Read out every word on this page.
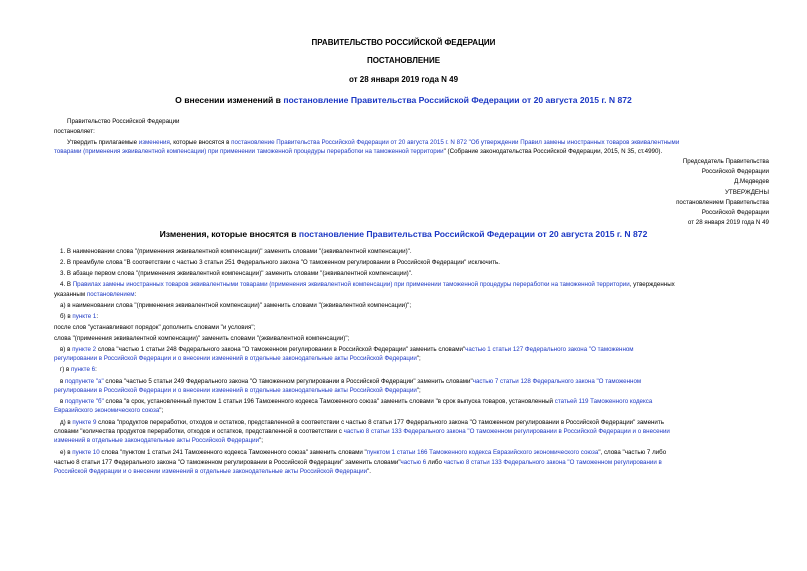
ПРАВИТЕЛЬСТВО РОССИЙСКОЙ ФЕДЕРАЦИИ
ПОСТАНОВЛЕНИЕ
от 28 января 2019 года N 49
О внесении изменений в постановление Правительства Российской Федерации от 20 августа 2015 г. N 872
Правительство Российской Федерации
постановляет:
Утвердить прилагаемые изменения, которые вносятся в постановление Правительства Российской Федерации от 20 августа 2015 г. N 872 "Об утверждении Правил замены иностранных товаров эквивалентными
товарами (применения эквивалентной компенсации) при применении таможенной процедуры переработки на таможенной территории" (Собрание законодательства Российской Федерации, 2015, N 35, ст.4990).
Председатель Правительства
Российской Федерации
Д.Медведев
УТВЕРЖДЕНЫ
постановлением Правительства
Российской Федерации
от 28 января 2019 года N 49
Изменения, которые вносятся в постановление Правительства Российской Федерации от 20 августа 2015 г. N 872
1. В наименовании слова "(применения эквивалентной компенсации)" заменить словами "(эквивалентной компенсации)".
2. В преамбуле слова "В соответствии с частью 3 статьи 251 Федерального закона "О таможенном регулировании в Российской Федерации" исключить.
3. В абзаце первом слова "(применения эквивалентной компенсации)" заменить словами "(эквивалентной компенсации)".
4. В Правилах замены иностранных товаров эквивалентными товарами (применения эквивалентной компенсации) при применении таможенной процедуры переработки на таможенной территории, утвержденных
указанным постановлением:
а) в наименовании слова "(применения эквивалентной компенсации)" заменить словами "(эквивалентной компенсации)";
б) в пункте 1:
после слов "устанавливают порядок" дополнить словами "и условия";
слова "(применения эквивалентной компенсации)" заменить словами "(эквивалентной компенсации)";
в) в пункте 2 слова "частью 1 статьи 248 Федерального закона "О таможенном регулировании в Российской Федерации" заменить словами"частью 1 статьи 127 Федерального закона "О таможенном
регулировании в Российской Федерации и о внесении изменений в отдельные законодательные акты Российской Федерации";
г) в пункте 6:
в подпункте "а" слова "частью 5 статьи 249 Федерального закона "О таможенном регулировании в Российской Федерации" заменить словами"частью 7 статьи 128 Федерального закона "О таможенном
регулировании в Российской Федерации и о внесении изменений в отдельные законодательные акты Российской Федерации";
в подпункте "б" слова "в срок, установленный пунктом 1 статьи 196 Таможенного кодекса Таможенного союза" заменить словами "в срок выпуска товаров, установленный статьей 119 Таможенного кодекса
Евразийского экономического союза";
д) в пункте 9 слова "продуктов переработки, отходов и остатков, представленной в соответствии с частью 8 статьи 177 Федерального закона "О таможенном регулировании в Российской Федерации" заменить
словами "количества продуктов переработки, отходов и остатков, представленной в соответствии с частью 8 статьи 133 Федерального закона "О таможенном регулировании в Российской Федерации и о внесении
изменений в отдельные законодательные акты Российской Федерации";
е) в пункте 10 слова "пунктом 1 статьи 241 Таможенного кодекса Таможенного союза" заменить словами "пунктом 1 статьи 166 Таможенного кодекса Евразийского экономического союза", слова "частью 7 либо
частью 8 статьи 177 Федерального закона "О таможенном регулировании в Российской Федерации" заменить словами"частью 6 либо частью 8 статьи 133 Федерального закона "О таможенном регулировании в
Российской Федерации и о внесении изменений в отдельные законодательные акты Российской Федерации".
